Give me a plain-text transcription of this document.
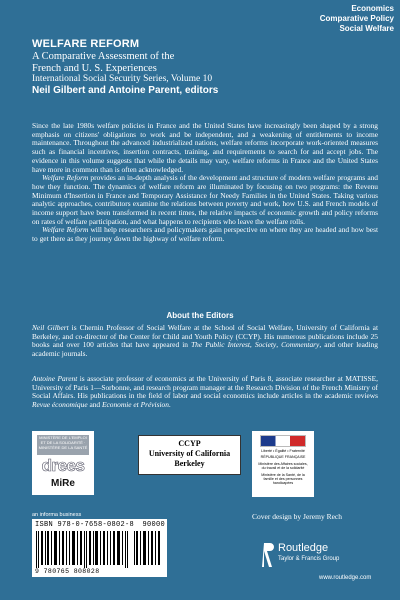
Economics
Comparative Policy
Social Welfare
WELFARE REFORM
A Comparative Assessment of the
French and U. S. Experiences
International Social Security Series, Volume 10
Neil Gilbert and Antoine Parent, editors

Since the late 1980s welfare policies in France and the United States have increasingly been shaped by a strong emphasis on citizens' obligations to work and be independent, and a weakening of entitlements to income maintenance. Throughout the advanced industrialized nations, welfare reforms incorporate work-oriented measures such as financial incentives, insertion contracts, training, and requirements to search for and accept jobs. The evidence in this volume suggests that while the details may vary, welfare reforms in France and the United States have more in common than is often acknowledged.

Welfare Reform provides an in-depth analysis of the development and structure of modern welfare programs and how they function. The dynamics of welfare reform are illuminated by focusing on two programs: the Revenu Minimum d'Insertion in France and Temporary Assistance for Needy Families in the United States. Taking various analytic approaches, contributors examine the relations between poverty and work, how U.S. and French models of income support have been transformed in recent times, the relative impacts of economic growth and policy reforms on rates of welfare participation, and what happens to recipients who leave the welfare rolls.

Welfare Reform will help researchers and policymakers gain perspective on where they are headed and how best to get there as they journey down the highway of welfare reform.

About the Editors

Neil Gilbert is Chernin Professor of Social Welfare at the School of Social Welfare, University of California at Berkeley, and co-director of the Center for Child and Youth Policy (CCYP). His numerous publications include 25 books and over 100 articles that have appeared in The Public Interest, Society, Commentary, and other leading academic journals.

Antoine Parent is associate professor of economics at the University of Paris 8, associate researcher at MATISSE, University of Paris 1—Sorbonne, and research program manager at the Research Division of the French Ministry of Social Affairs. His publications in the field of labor and social economics include articles in the academic reviews Revue économique and Economie et Prévision.

MINISTÈRE DE L'EMPLOI ET DE LA SOLIDARITÉ · MINISTÈRE DE LA SANTÉ
drees
MiRe
CCYP
University of California
Berkeley
Liberté • Égalité • Fraternité
RÉPUBLIQUE FRANÇAISE
Ministère des Affaires sociales, du travail et de la solidarité
Ministère de la Santé, de la famille et des personnes handicapées
an informa business
ISBN 978-0-7658-0802-8 90000
9 780765 808028
Cover design by Jeremy Rech
Routledge
Taylor & Francis Group
www.routledge.com
